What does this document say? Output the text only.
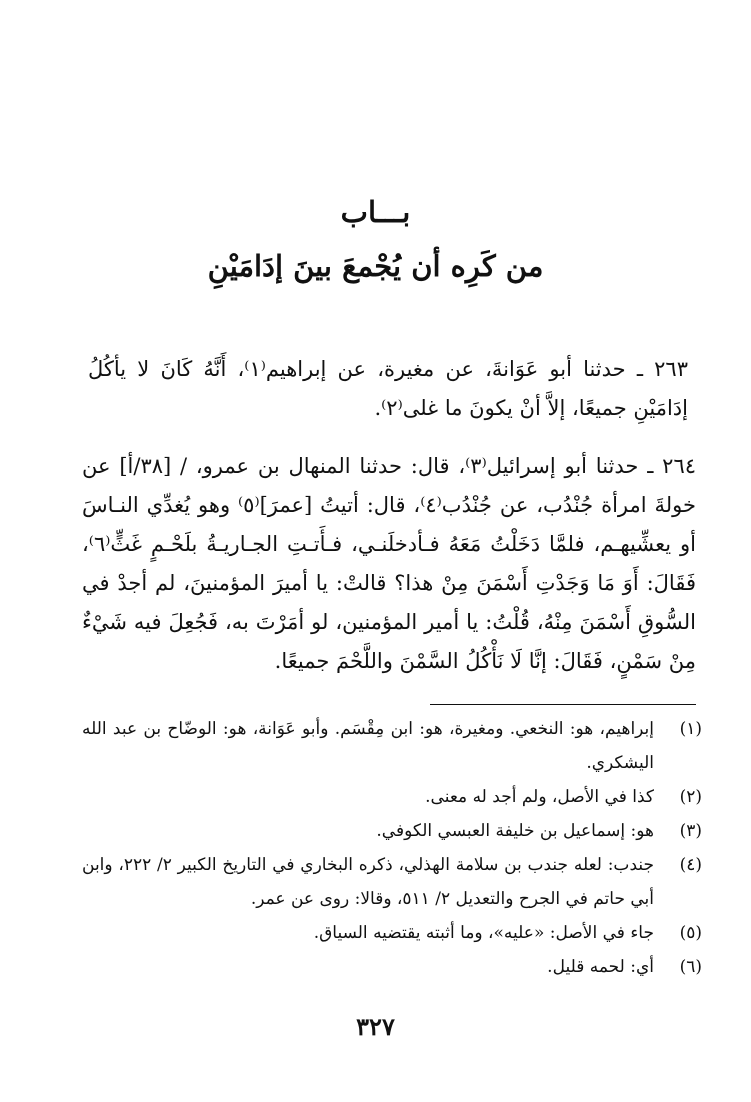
بـــاب
من كَرِه أن يُجْمعَ بينَ إدَامَيْنِ
٢٦٣ ـ حدثنا أبو عَوَانةَ، عن مغيرة، عن إبراهيم⁽١⁾، أَنَّهُ كَانَ لا يأكُلُ إدَامَيْنِ جميعًا، إلاَّ أنْ يكونَ ما غلى⁽٢⁾.
٢٦٤ ـ حدثنا أبو إسرائيل⁽٣⁾، قال: حدثنا المنهال بن عمرو، / [٣٨/أ] عن خولةَ امرأة جُنْدُب، عن جُنْدُب⁽٤⁾، قال: أتيتُ [عمرَ]⁽٥⁾ وهو يُغدِّي النـاسَ أو يعشِّيهـم، فلمَّا دَخَلْتُ مَعَهُ فـأدخلَنـي، فـأَتـتِ الجـاريـةُ بلَحْـمٍ غَثٍّ⁽٦⁾، فَقَالَ: أَوَ مَا وَجَدْتِ أَسْمَنَ مِنْ هذا؟ قالتْ: يا أميرَ المؤمنينَ، لم أجدْ في السُّوقِ أَسْمَنَ مِنْهُ، قُلْتُ: يا أمير المؤمنين، لو أمَرْتَ به، فَجُعِلَ فيه شَيْءٌ مِنْ سَمْنٍ، فَقَالَ: إنَّا لَا نَأْكُلُ السَّمْنَ واللَّحْمَ جميعًا.
(١)
إبراهيم، هو: النخعي. ومغيرة، هو: ابن مِقْسَم. وأبو عَوَانة، هو: الوضّاح بن عبد الله اليشكري.
(٢)
كذا في الأصل، ولم أجد له معنى.
(٣)
هو: إسماعيل بن خليفة العبسي الكوفي.
(٤)
جندب: لعله جندب بن سلامة الهذلي، ذكره البخاري في التاريخ الكبير ٢/ ٢٢٢، وابن أبي حاتم في الجرح والتعديل ٢/ ٥١١، وقالا: روى عن عمر.
(٥)
جاء في الأصل: «عليه»، وما أثبته يقتضيه السياق.
(٦)
أي: لحمه قليل.
٣٢٧
